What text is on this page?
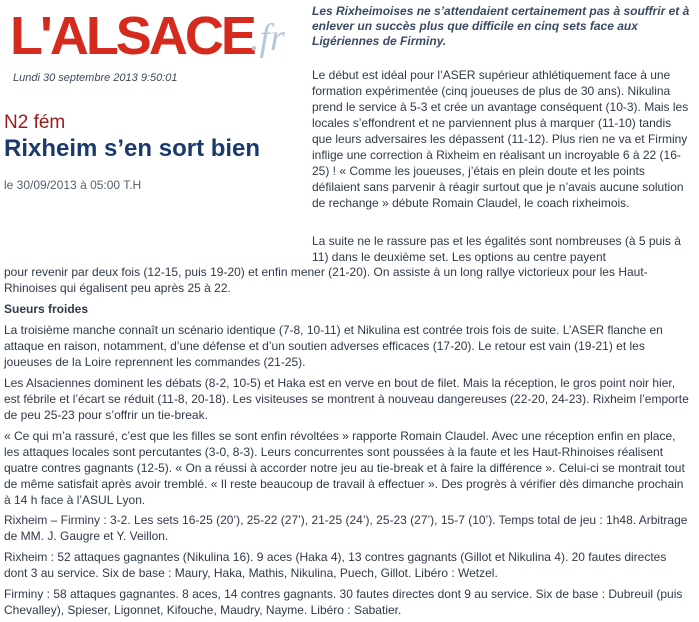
L'ALSACE
.fr
Lundi 30 septembre 2013 9:50:01
N2 fém
Rixheim s’en sort bien
le 30/09/2013 à 05:00 T.H

Les Rixheimoises ne s’attendaient certainement pas à souffrir et à enlever un succès plus que difficile en cinq sets face aux Ligériennes de Firminy.

Le début est idéal pour l’ASER supérieur athlétiquement face à une formation expérimentée (cinq joueuses de plus de 30 ans). Nikulina prend le service à 5-3 et crée un avantage conséquent (10-3). Mais les locales s’effondrent et ne parviennent plus à marquer (11-10) tandis que leurs adversaires les dépassent (11-12). Plus rien ne va et Firminy inflige une correction à Rixheim en réalisant un incroyable 6 à 22 (16-25) ! « Comme les joueuses, j’étais en plein doute et les points défilaient sans parvenir à réagir surtout que je n’avais aucune solution de rechange » débute Romain Claudel, le coach rixheimois.

La suite ne le rassure pas et les égalités sont nombreuses (à 5 puis à 11) dans le deuxième set. Les options au centre payent

pour revenir par deux fois (12-15, puis 19-20) et enfin mener (21-20). On assiste à un long rallye victorieux pour les Haut-Rhinoises qui égalisent peu après 25 à 22.

Sueurs froides

La troisième manche connaît un scénario identique (7-8, 10-11) et Nikulina est contrée trois fois de suite. L’ASER flanche en attaque en raison, notamment, d’une défense et d’un soutien adverses efficaces (17-20). Le retour est vain (19-21) et les joueuses de la Loire reprennent les commandes (21-25).

Les Alsaciennes dominent les débats (8-2, 10-5) et Haka est en verve en bout de filet. Mais la réception, le gros point noir hier, est fébrile et l’écart se réduit (11-8, 20-18). Les visiteuses se montrent à nouveau dangereuses (22-20, 24-23). Rixheim l’emporte de peu 25-23 pour s’offrir un tie-break.

« Ce qui m’a rassuré, c’est que les filles se sont enfin révoltées » rapporte Romain Claudel. Avec une réception enfin en place, les attaques locales sont percutantes (3-0, 8-3). Leurs concurrentes sont poussées à la faute et les Haut-Rhinoises réalisent quatre contres gagnants (12-5). « On a réussi à accorder notre jeu au tie-break et à faire la différence ». Celui-ci se montrait tout de même satisfait après avoir tremblé. « Il reste beaucoup de travail à effectuer ». Des progrès à vérifier dès dimanche prochain à 14 h face à l’ASUL Lyon.

Rixheim – Firminy : 3-2. Les sets 16-25 (20’), 25-22 (27’), 21-25 (24’), 25-23 (27’), 15-7 (10’). Temps total de jeu : 1h48. Arbitrage de MM. J. Gaugre et Y. Veillon.

Rixheim : 52 attaques gagnantes (Nikulina 16). 9 aces (Haka 4), 13 contres gagnants (Gillot et Nikulina 4). 20 fautes directes dont 3 au service. Six de base : Maury, Haka, Mathis, Nikulina, Puech, Gillot. Libéro : Wetzel.

Firminy : 58 attaques gagnantes. 8 aces, 14 contres gagnants. 30 fautes directes dont 9 au service. Six de base : Dubreuil (puis Chevalley), Spieser, Ligonnet, Kifouche, Maudry, Nayme. Libéro : Sabatier.
